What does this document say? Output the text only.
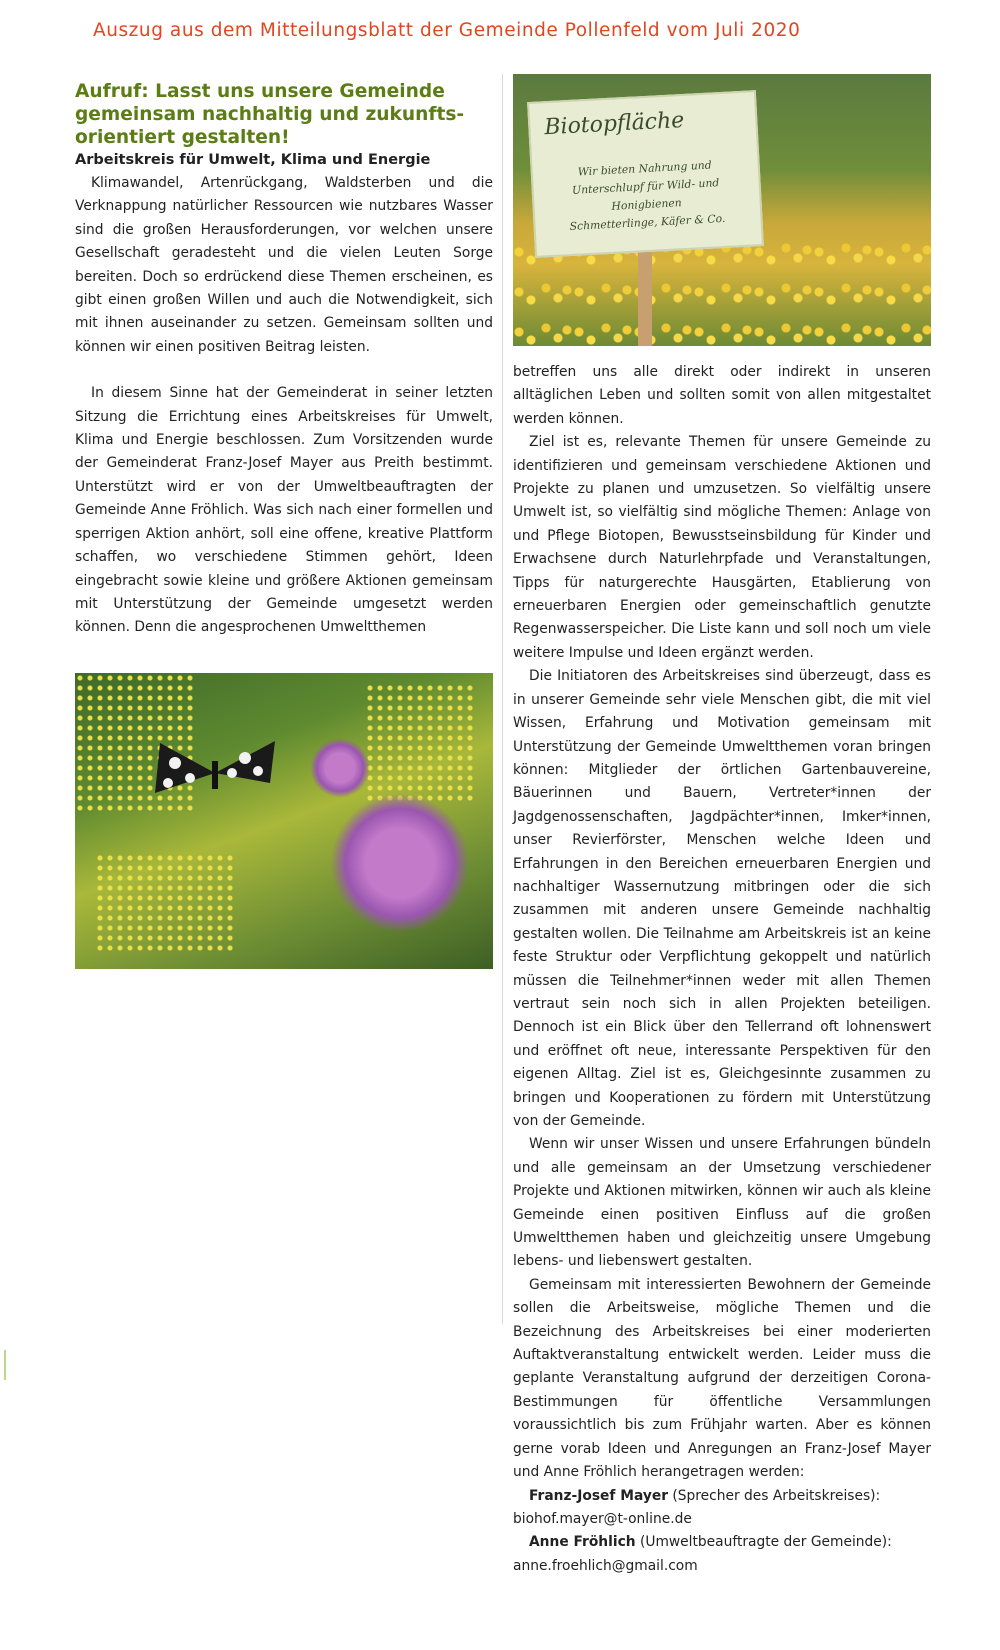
Auszug aus dem Mitteilungsblatt der Gemeinde Pollenfeld vom Juli 2020

Aufruf: Lasst uns unsere Gemeinde gemeinsam nachhaltig und zukunfts-orientiert gestalten!

Arbeitskreis für Umwelt, Klima und Energie

Klimawandel, Artenrückgang, Waldsterben und die Verknappung natürlicher Ressourcen wie nutzbares Wasser sind die großen Herausforderungen, vor welchen unsere Gesellschaft geradesteht und die vielen Leuten Sorge bereiten. Doch so erdrückend diese Themen erscheinen, es gibt einen großen Willen und auch die Notwendigkeit, sich mit ihnen auseinander zu setzen. Gemeinsam sollten und können wir einen positiven Beitrag leisten.

In diesem Sinne hat der Gemeinderat in seiner letzten Sitzung die Errichtung eines Arbeitskreises für Umwelt, Klima und Energie beschlossen. Zum Vorsitzenden wurde der Gemeinderat Franz-Josef Mayer aus Preith bestimmt. Unterstützt wird er von der Umweltbeauftragten der Gemeinde Anne Fröhlich. Was sich nach einer formellen und sperrigen Aktion anhört, soll eine offene, kreative Plattform schaffen, wo verschiedene Stimmen gehört, Ideen eingebracht sowie kleine und größere Aktionen gemeinsam mit Unterstützung der Gemeinde umgesetzt werden können. Denn die angesprochenen Umweltthemen

Biotopfläche
Wir bieten Nahrung und
Unterschlupf für Wild- und Honigbienen
Schmetterlinge, Käfer & Co.

betreffen uns alle direkt oder indirekt in unseren alltäglichen Leben und sollten somit von allen mitgestaltet werden können.

Ziel ist es, relevante Themen für unsere Gemeinde zu identifizieren und gemeinsam verschiedene Aktionen und Projekte zu planen und umzusetzen. So vielfältig unsere Umwelt ist, so vielfältig sind mögliche Themen: Anlage von und Pflege Biotopen, Bewusstseinsbildung für Kinder und Erwachsene durch Naturlehrpfade und Veranstaltungen, Tipps für naturgerechte Hausgärten, Etablierung von erneuerbaren Energien oder gemeinschaftlich genutzte Regenwasserspeicher. Die Liste kann und soll noch um viele weitere Impulse und Ideen ergänzt werden.

Die Initiatoren des Arbeitskreises sind überzeugt, dass es in unserer Gemeinde sehr viele Menschen gibt, die mit viel Wissen, Erfahrung und Motivation gemeinsam mit Unterstützung der Gemeinde Umweltthemen voran bringen können: Mitglieder der örtlichen Gartenbauvereine, Bäuerinnen und Bauern, Vertreter*innen der Jagdgenossenschaften, Jagdpächter*innen, Imker*innen, unser Revierförster, Menschen welche Ideen und Erfahrungen in den Bereichen erneuerbaren Energien und nachhaltiger Wassernutzung mitbringen oder die sich zusammen mit anderen unsere Gemeinde nachhaltig gestalten wollen. Die Teilnahme am Arbeitskreis ist an keine feste Struktur oder Verpflichtung gekoppelt und natürlich müssen die Teilnehmer*innen weder mit allen Themen vertraut sein noch sich in allen Projekten beteiligen. Dennoch ist ein Blick über den Tellerrand oft lohnenswert und eröffnet oft neue, interessante Perspektiven für den eigenen Alltag. Ziel ist es, Gleichgesinnte zusammen zu bringen und Kooperationen zu fördern mit Unterstützung von der Gemeinde.

Wenn wir unser Wissen und unsere Erfahrungen bündeln und alle gemeinsam an der Umsetzung verschiedener Projekte und Aktionen mitwirken, können wir auch als kleine Gemeinde einen positiven Einfluss auf die großen Umweltthemen haben und gleichzeitig unsere Umgebung lebens- und liebenswert gestalten.

Gemeinsam mit interessierten Bewohnern der Gemeinde sollen die Arbeitsweise, mögliche Themen und die Bezeichnung des Arbeitskreises bei einer moderierten Auftaktveranstaltung entwickelt werden. Leider muss die geplante Veranstaltung aufgrund der derzeitigen Corona-Bestimmungen für öffentliche Versammlungen voraussichtlich bis zum Frühjahr warten. Aber es können gerne vorab Ideen und Anregungen an Franz-Josef Mayer und Anne Fröhlich herangetragen werden:

Franz-Josef Mayer (Sprecher des Arbeitskreises):

biohof.mayer@t-online.de

Anne Fröhlich (Umweltbeauftragte der Gemeinde):

anne.froehlich@gmail.com
